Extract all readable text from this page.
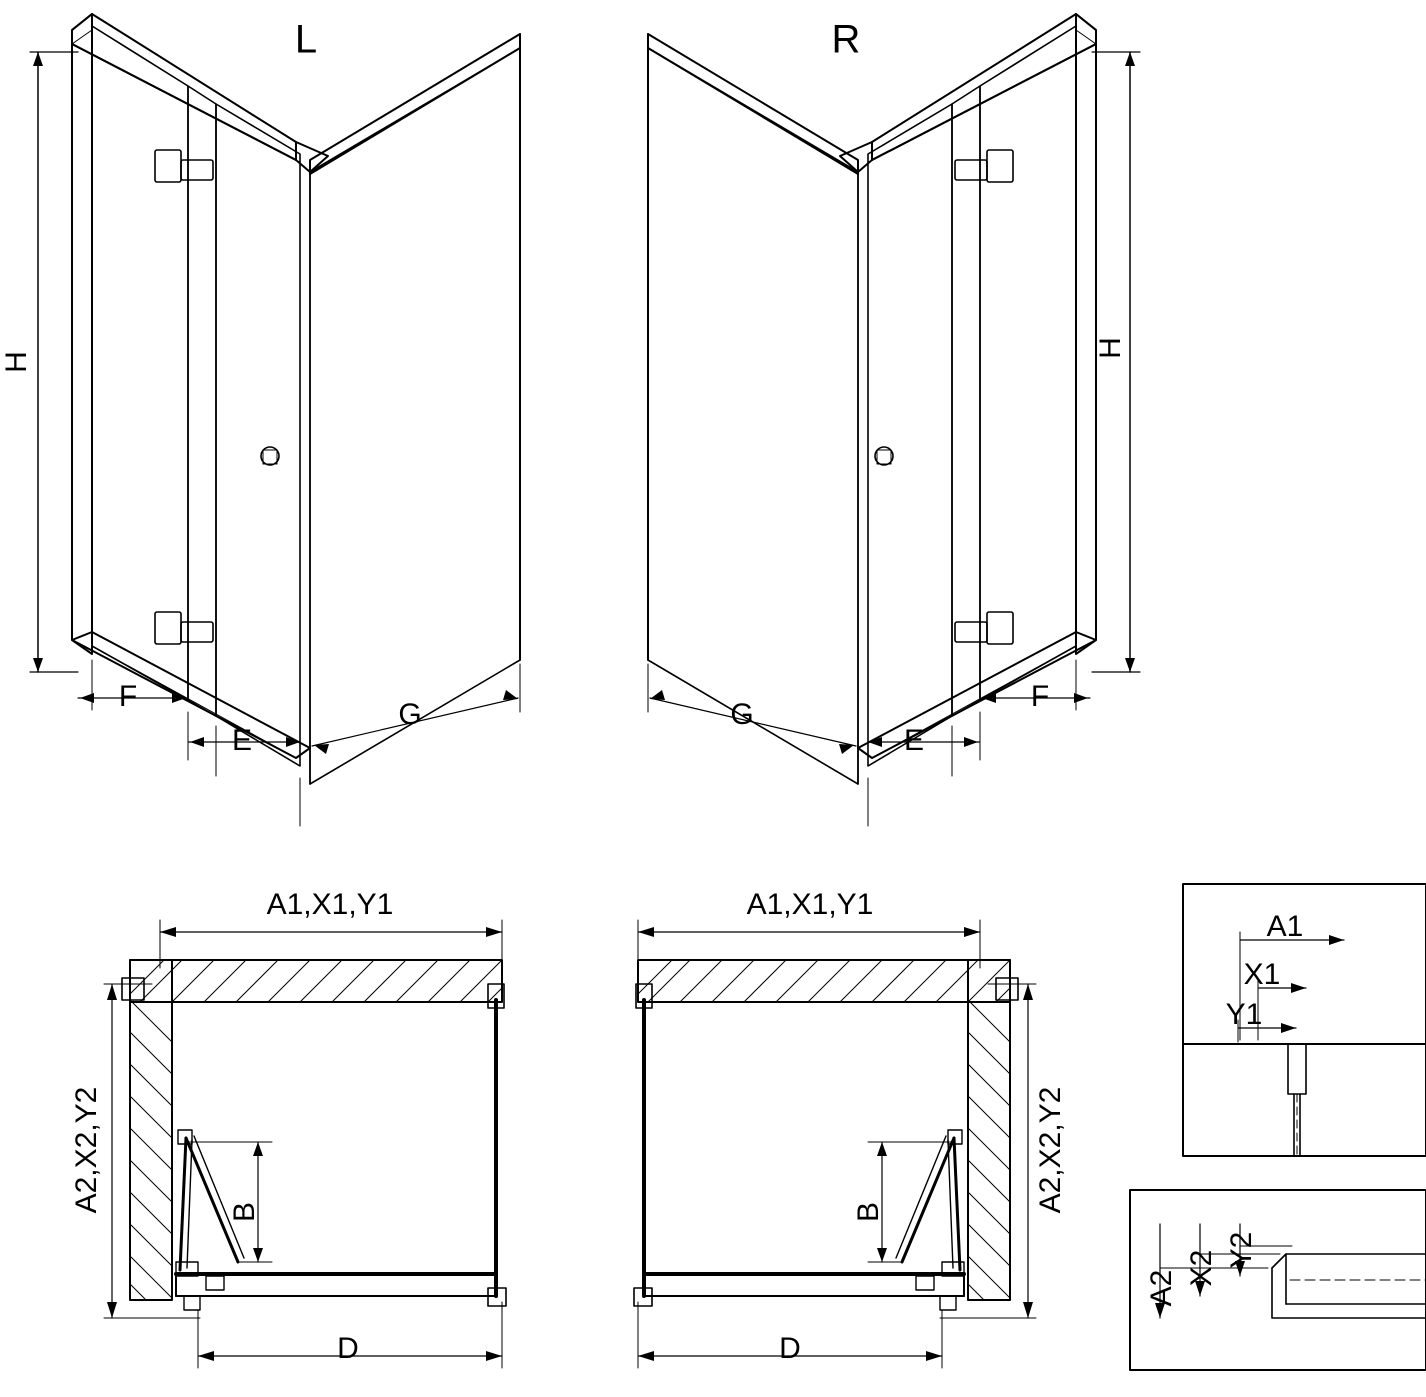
L	R
H
H
F
E
G
F
E
G
A1,X1,Y1	A1,X1,Y1
A2,X2,Y2	A2,X2,Y2
B	B
D	D
A1
X1
Y1
A2
X2 Y2
